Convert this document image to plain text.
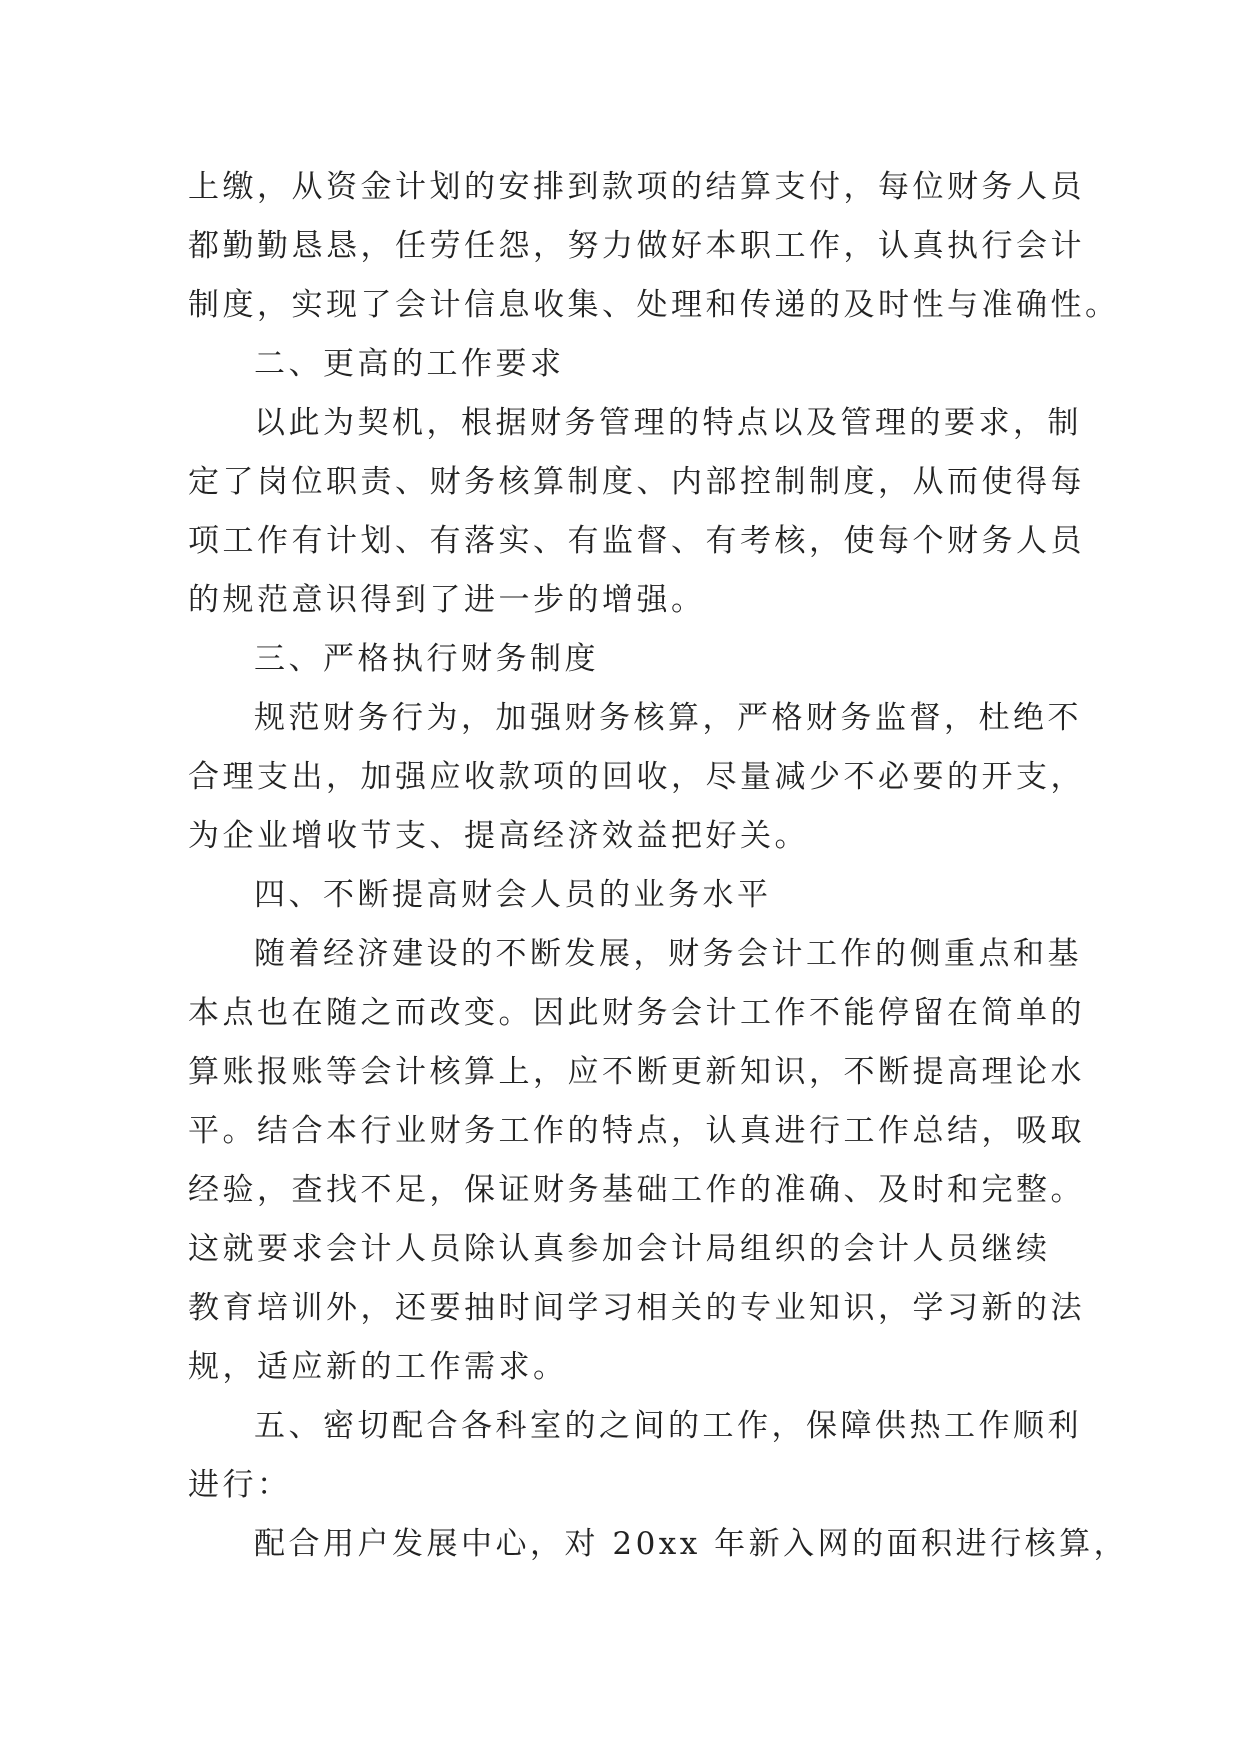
上缴，从资金计划的安排到款项的结算支付，每位财务人员
都勤勤恳恳，任劳任怨，努力做好本职工作，认真执行会计
制度，实现了会计信息收集、处理和传递的及时性与准确性。
二、更高的工作要求
以此为契机，根据财务管理的特点以及管理的要求，制
定了岗位职责、财务核算制度、内部控制制度，从而使得每
项工作有计划、有落实、有监督、有考核，使每个财务人员
的规范意识得到了进一步的增强。
三、严格执行财务制度
规范财务行为，加强财务核算，严格财务监督，杜绝不
合理支出，加强应收款项的回收，尽量减少不必要的开支，
为企业增收节支、提高经济效益把好关。
四、不断提高财会人员的业务水平
随着经济建设的不断发展，财务会计工作的侧重点和基
本点也在随之而改变。因此财务会计工作不能停留在简单的
算账报账等会计核算上，应不断更新知识，不断提高理论水
平。结合本行业财务工作的特点，认真进行工作总结，吸取
经验，查找不足，保证财务基础工作的准确、及时和完整。
这就要求会计人员除认真参加会计局组织的会计人员继续
教育培训外，还要抽时间学习相关的专业知识，学习新的法
规，适应新的工作需求。
五、密切配合各科室的之间的工作，保障供热工作顺利
进行：
配合用户发展中心，对 20xx 年新入网的面积进行核算，
